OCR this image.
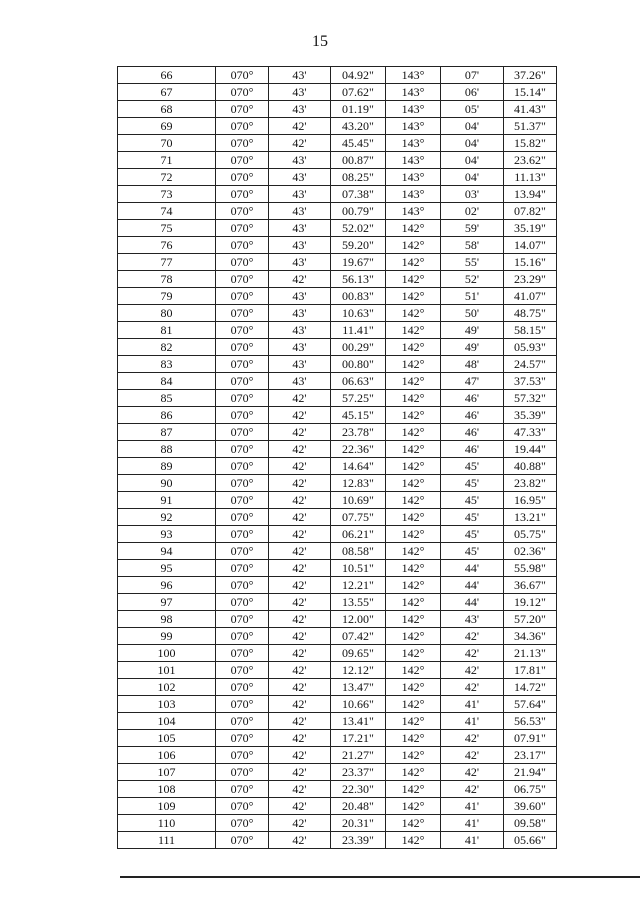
15
66	070°	43'	04.92"	143°	07'	37.26"
67	070°	43'	07.62"	143°	06'	15.14"
68	070°	43'	01.19"	143°	05'	41.43"
69	070°	42'	43.20"	143°	04'	51.37"
70	070°	42'	45.45"	143°	04'	15.82"
71	070°	43'	00.87"	143°	04'	23.62"
72	070°	43'	08.25"	143°	04'	11.13"
73	070°	43'	07.38"	143°	03'	13.94"
74	070°	43'	00.79"	143°	02'	07.82"
75	070°	43'	52.02"	142°	59'	35.19"
76	070°	43'	59.20"	142°	58'	14.07"
77	070°	43'	19.67"	142°	55'	15.16"
78	070°	42'	56.13"	142°	52'	23.29"
79	070°	43'	00.83"	142°	51'	41.07"
80	070°	43'	10.63"	142°	50'	48.75"
81	070°	43'	11.41"	142°	49'	58.15"
82	070°	43'	00.29"	142°	49'	05.93"
83	070°	43'	00.80"	142°	48'	24.57"
84	070°	43'	06.63"	142°	47'	37.53"
85	070°	42'	57.25"	142°	46'	57.32"
86	070°	42'	45.15"	142°	46'	35.39"
87	070°	42'	23.78"	142°	46'	47.33"
88	070°	42'	22.36"	142°	46'	19.44"
89	070°	42'	14.64"	142°	45'	40.88"
90	070°	42'	12.83"	142°	45'	23.82"
91	070°	42'	10.69"	142°	45'	16.95"
92	070°	42'	07.75"	142°	45'	13.21"
93	070°	42'	06.21"	142°	45'	05.75"
94	070°	42'	08.58"	142°	45'	02.36"
95	070°	42'	10.51"	142°	44'	55.98"
96	070°	42'	12.21"	142°	44'	36.67"
97	070°	42'	13.55"	142°	44'	19.12"
98	070°	42'	12.00"	142°	43'	57.20"
99	070°	42'	07.42"	142°	42'	34.36"
100	070°	42'	09.65"	142°	42'	21.13"
101	070°	42'	12.12"	142°	42'	17.81"
102	070°	42'	13.47"	142°	42'	14.72"
103	070°	42'	10.66"	142°	41'	57.64"
104	070°	42'	13.41"	142°	41'	56.53"
105	070°	42'	17.21"	142°	42'	07.91"
106	070°	42'	21.27"	142°	42'	23.17"
107	070°	42'	23.37"	142°	42'	21.94"
108	070°	42'	22.30"	142°	42'	06.75"
109	070°	42'	20.48"	142°	41'	39.60"
110	070°	42'	20.31"	142°	41'	09.58"
111	070°	42'	23.39"	142°	41'	05.66"
